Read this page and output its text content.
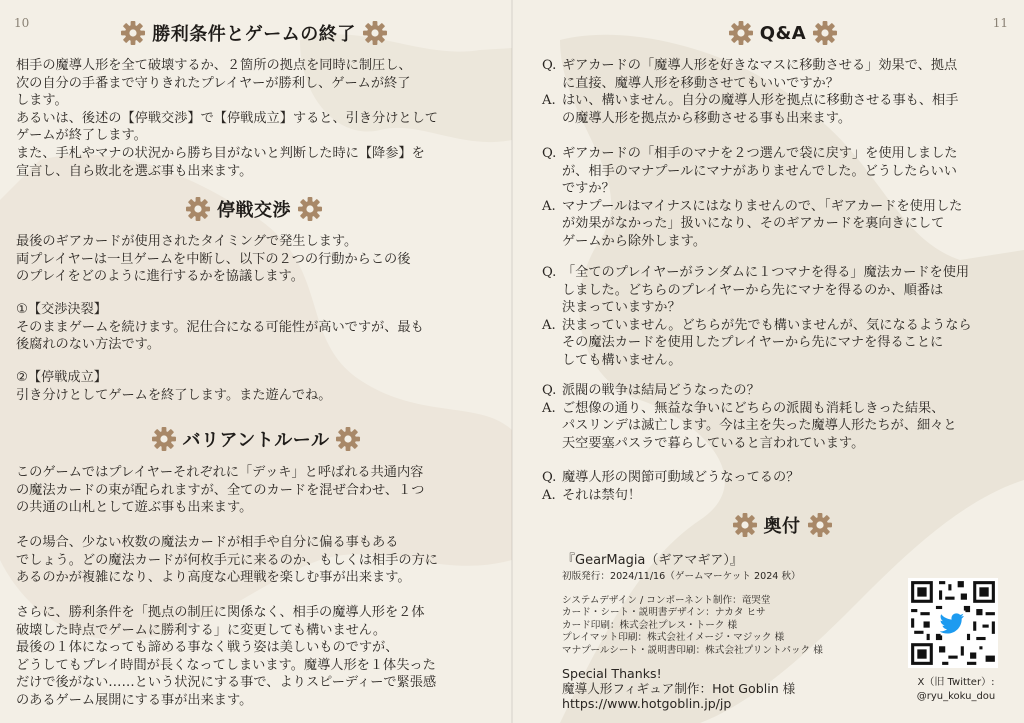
10
勝利条件とゲームの終了
相手の魔導人形を全て破壊するか、２箇所の拠点を同時に制圧し、
次の自分の手番まで守りきれたプレイヤーが勝利し、ゲームが終了
します。
あるいは、後述の【停戦交渉】で【停戦成立】すると、引き分けとして
ゲームが終了します。
また、手札やマナの状況から勝ち目がないと判断した時に【降参】を
宣言し、自ら敗北を選ぶ事も出来ます。
停戦交渉
最後のギアカードが使用されたタイミングで発生します。
両プレイヤーは一旦ゲームを中断し、以下の２つの行動からこの後
のプレイをどのように進行するかを協議します。
①【交渉決裂】
そのままゲームを続けます。泥仕合になる可能性が高いですが、最も
後腐れのない方法です。
②【停戦成立】
引き分けとしてゲームを終了します。また遊んでね。
バリアントルール
このゲームではプレイヤーそれぞれに「デッキ」と呼ばれる共通内容
の魔法カードの束が配られますが、全てのカードを混ぜ合わせ、１つ
の共通の山札として遊ぶ事も出来ます。
その場合、少ない枚数の魔法カードが相手や自分に偏る事もある
でしょう。どの魔法カードが何枚手元に来るのか、もしくは相手の方に
あるのかが複雑になり、より高度な心理戦を楽しむ事が出来ます。
さらに、勝利条件を「拠点の制圧に関係なく、相手の魔導人形を２体
破壊した時点でゲームに勝利する」に変更しても構いません。
最後の１体になっても諦める事なく戦う姿は美しいものですが、
どうしてもプレイ時間が長くなってしまいます。魔導人形を１体失った
だけで後がない……という状況にする事で、よりスピーディーで緊張感
のあるゲーム展開にする事が出来ます。
11
Q&A
Q. ギアカードの「魔導人形を好きなマスに移動させる」効果で、拠点
に直接、魔導人形を移動させてもいいですか？
A. はい、構いません。自分の魔導人形を拠点に移動させる事も、相手
の魔導人形を拠点から移動させる事も出来ます。
Q. ギアカードの「相手のマナを２つ選んで袋に戻す」を使用しました
が、相手のマナプールにマナがありませんでした。どうしたらいい
ですか？
A. マナプールはマイナスにはなりませんので、「ギアカードを使用した
が効果がなかった」扱いになり、そのギアカードを裏向きにして
ゲームから除外します。
Q. 「全てのプレイヤーがランダムに１つマナを得る」魔法カードを使用
しました。どちらのプレイヤーから先にマナを得るのか、順番は
決まっていますか？
A. 決まっていません。どちらが先でも構いませんが、気になるようなら
その魔法カードを使用したプレイヤーから先にマナを得ることに
しても構いません。
Q. 派閥の戦争は結局どうなったの？
A. ご想像の通り、無益な争いにどちらの派閥も消耗しきった結果、
パスリンデは滅亡します。今は主を失った魔導人形たちが、細々と
天空要塞パスラで暮らしていると言われています。
Q. 魔導人形の関節可動域どうなってるの？
A. それは禁句！
奥付
『GearMagia（ギアマギア）』
初版発行：2024/11/16（ゲームマーケット 2024 秋）
システムデザイン / コンポーネント制作：竜哭堂
カード・シート・説明書デザイン：ナカタ ヒサ
カード印刷：株式会社プレス・トーク 様
プレイマット印刷：株式会社イメージ・マジック 様
マナプールシート・説明書印刷：株式会社プリントパック 様
Special Thanks!
魔導人形フィギュア制作：Hot Goblin 様
https://www.hotgoblin.jp/jp
X（旧 Twitter）:
@ryu_koku_dou
